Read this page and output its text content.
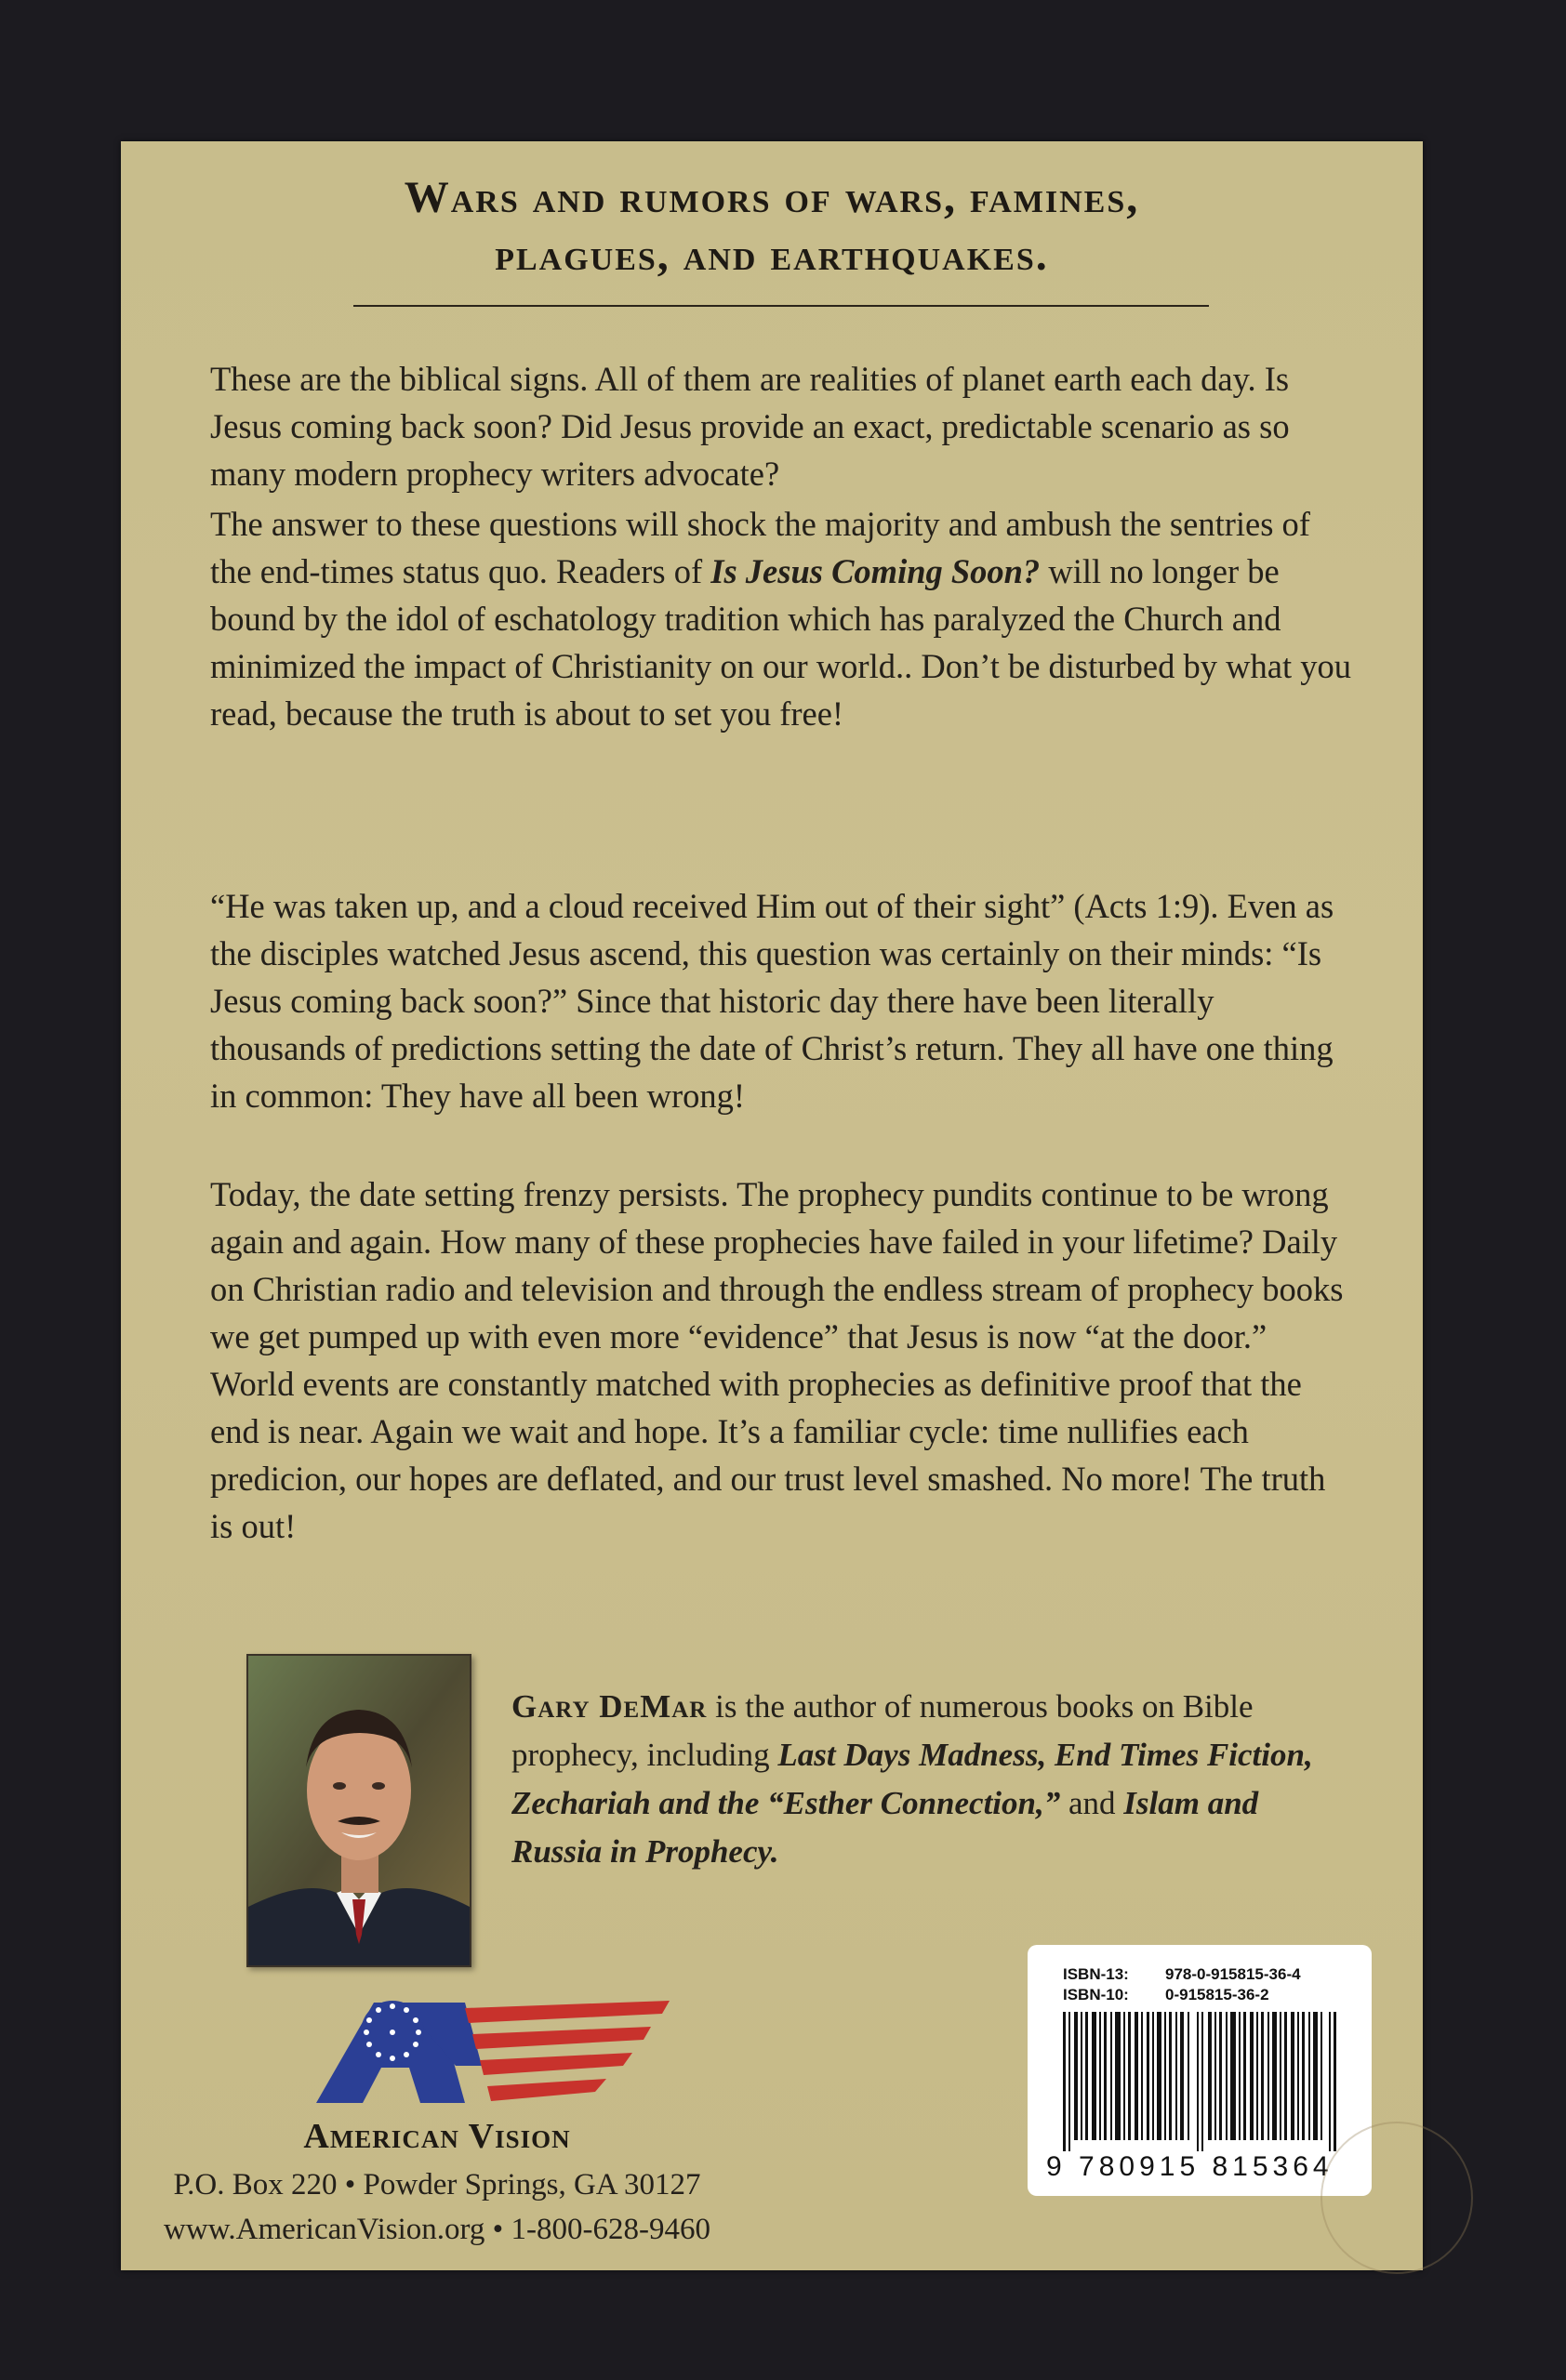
Wars and rumors of wars, famines,
plagues, and earthquakes.
These are the biblical signs. All of them are realities of planet earth each day. Is Jesus coming back soon? Did Jesus provide an exact, predictable scenario as so many modern prophecy writers advocate?
The answer to these questions will shock the majority and ambush the sentries of the end-times status quo. Readers of Is Jesus Coming Soon? will no longer be bound by the idol of eschatology tradition which has paralyzed the Church and minimized the impact of Christianity on our world.. Don’t be disturbed by what you read, because the truth is about to set you free!
“He was taken up, and a cloud received Him out of their sight” (Acts 1:9). Even as the disciples watched Jesus ascend, this question was certainly on their minds: “Is Jesus coming back soon?” Since that historic day there have been literally thousands of predictions setting the date of Christ’s return. They all have one thing in common: They have all been wrong!
Today, the date setting frenzy persists. The prophecy pundits continue to be wrong again and again. How many of these prophecies have failed in your lifetime? Daily on Christian radio and television and through the endless stream of prophecy books we get pumped up with even more “evidence” that Jesus is now “at the door.” World events are constantly matched with prophecies as definitive proof that the end is near. Again we wait and hope. It’s a familiar cycle: time nullifies each predicion, our hopes are deflated, and our trust level smashed. No more! The truth is out!
Gary DeMar is the author of numerous books on Bible prophecy, including Last Days Madness, End Times Fiction, Zechariah and the “Esther Connection,” and Islam and Russia in Prophecy.
American Vision
P.O. Box 220 • Powder Springs, GA 30127
www.AmericanVision.org • 1-800-628-9460
ISBN-13: 978-0-915815-36-4
ISBN-10: 0-915815-36-2
9 780915 815364
